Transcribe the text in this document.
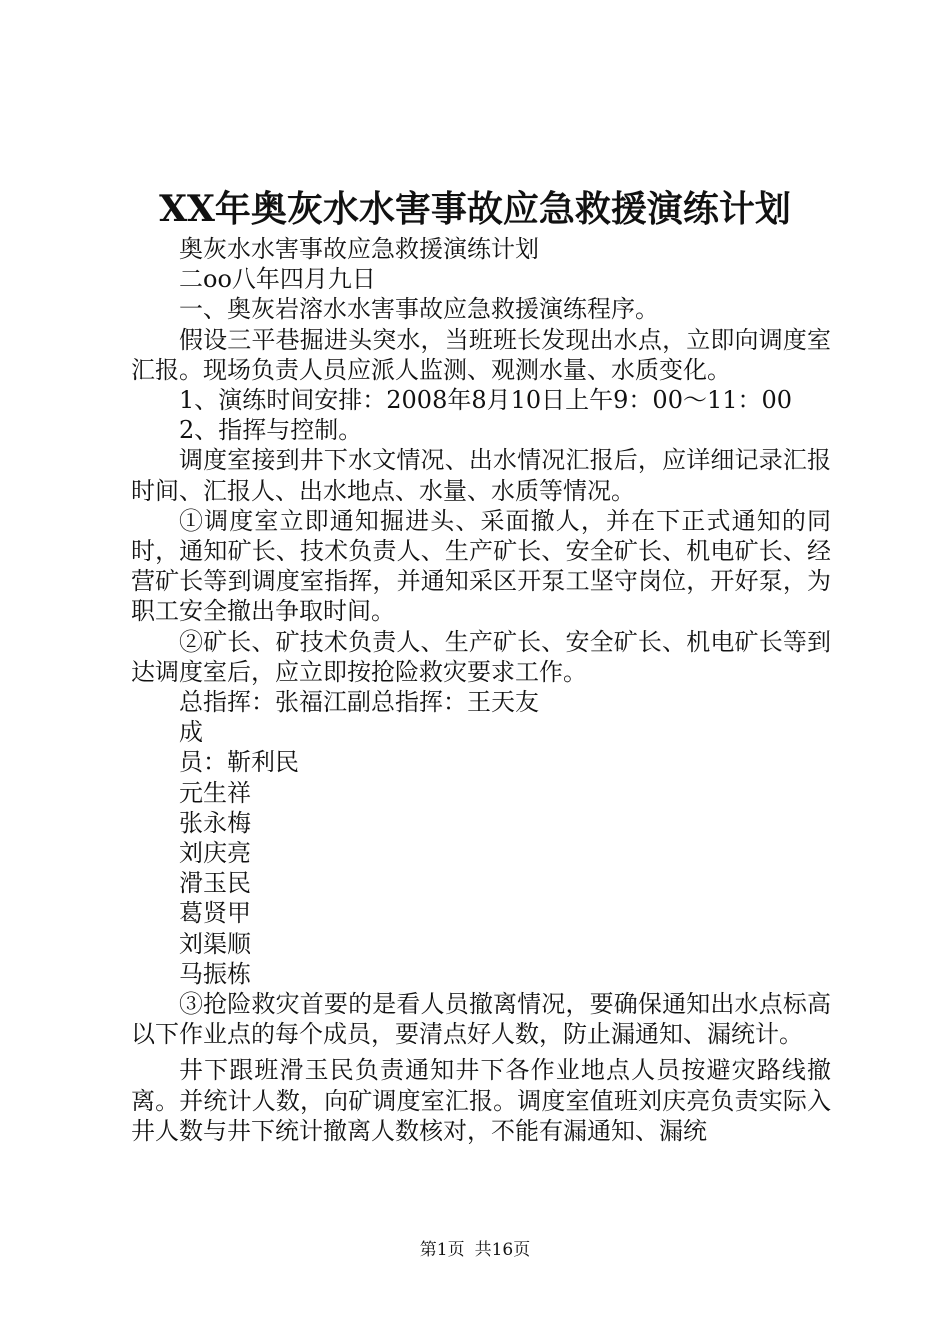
XX年奥灰水水害事故应急救援演练计划

奥灰水水害事故应急救援演练计划

二oo八年四月九日

一、奥灰岩溶水水害事故应急救援演练程序。

假设三平巷掘进头突水，当班班长发现出水点，立即向调度室汇报。现场负责人员应派人监测、观测水量、水质变化。

1、演练时间安排：2008年8月10日上午9：00～11：00

2、指挥与控制。

调度室接到井下水文情况、出水情况汇报后，应详细记录汇报时间、汇报人、出水地点、水量、水质等情况。

①调度室立即通知掘进头、采面撤人，并在下正式通知的同时，通知矿长、技术负责人、生产矿长、安全矿长、机电矿长、经营矿长等到调度室指挥，并通知采区开泵工坚守岗位，开好泵，为职工安全撤出争取时间。

②矿长、矿技术负责人、生产矿长、安全矿长、机电矿长等到达调度室后，应立即按抢险救灾要求工作。

总指挥：张福江副总指挥：王天友

成

员：靳利民

元生祥

张永梅

刘庆亮

滑玉民

葛贤甲

刘渠顺

马振栋

③抢险救灾首要的是看人员撤离情况，要确保通知出水点标高以下作业点的每个成员，要清点好人数，防止漏通知、漏统计。

井下跟班滑玉民负责通知井下各作业地点人员按避灾路线撤离。并统计人数，向矿调度室汇报。调度室值班刘庆亮负责实际入井人数与井下统计撤离人数核对，不能有漏通知、漏统

第1页 共16页
